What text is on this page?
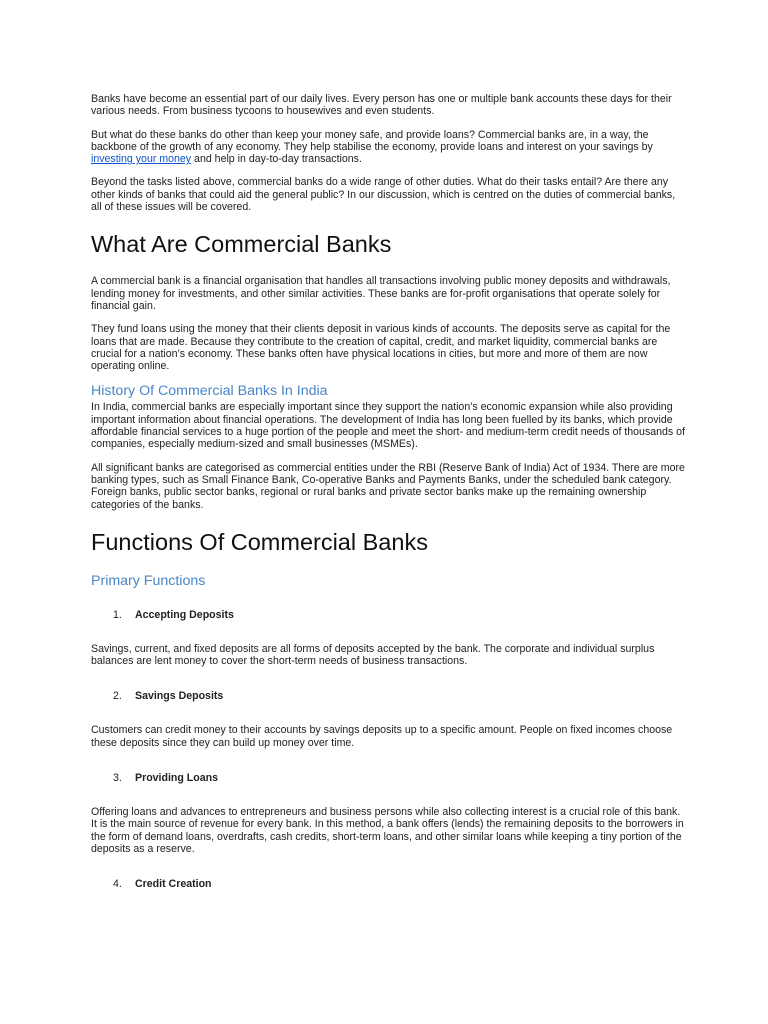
Banks have become an essential part of our daily lives. Every person has one or multiple bank accounts these days for their various needs. From business tycoons to housewives and even students.

But what do these banks do other than keep your money safe, and provide loans? Commercial banks are, in a way, the backbone of the growth of any economy. They help stabilise the economy, provide loans and interest on your savings by investing your money and help in day-to-day transactions.

Beyond the tasks listed above, commercial banks do a wide range of other duties. What do their tasks entail? Are there any other kinds of banks that could aid the general public? In our discussion, which is centred on the duties of commercial banks, all of these issues will be covered.

What Are Commercial Banks

A commercial bank is a financial organisation that handles all transactions involving public money deposits and withdrawals, lending money for investments, and other similar activities. These banks are for-profit organisations that operate solely for financial gain.

They fund loans using the money that their clients deposit in various kinds of accounts. The deposits serve as capital for the loans that are made. Because they contribute to the creation of capital, credit, and market liquidity, commercial banks are crucial for a nation’s economy. These banks often have physical locations in cities, but more and more of them are now operating online.

History Of Commercial Banks In India

In India, commercial banks are especially important since they support the nation’s economic expansion while also providing important information about financial operations. The development of India has long been fuelled by its banks, which provide affordable financial services to a huge portion of the people and meet the short- and medium-term credit needs of thousands of companies, especially medium-sized and small businesses (MSMEs).

All significant banks are categorised as commercial entities under the RBI (Reserve Bank of India) Act of 1934. There are more banking types, such as Small Finance Bank, Co-operative Banks and Payments Banks, under the scheduled bank category. Foreign banks, public sector banks, regional or rural banks and private sector banks make up the remaining ownership categories of the banks.

Functions Of Commercial Banks
Primary Functions
1.	Accepting Deposits

Savings, current, and fixed deposits are all forms of deposits accepted by the bank. The corporate and individual surplus balances are lent money to cover the short-term needs of business transactions.

2.	Savings Deposits

Customers can credit money to their accounts by savings deposits up to a specific amount. People on fixed incomes choose these deposits since they can build up money over time.

3.	Providing Loans

Offering loans and advances to entrepreneurs and business persons while also collecting interest is a crucial role of this bank. It is the main source of revenue for every bank. In this method, a bank offers (lends) the remaining deposits to the borrowers in the form of demand loans, overdrafts, cash credits, short-term loans, and other similar loans while keeping a tiny portion of the deposits as a reserve.

4.	Credit Creation
